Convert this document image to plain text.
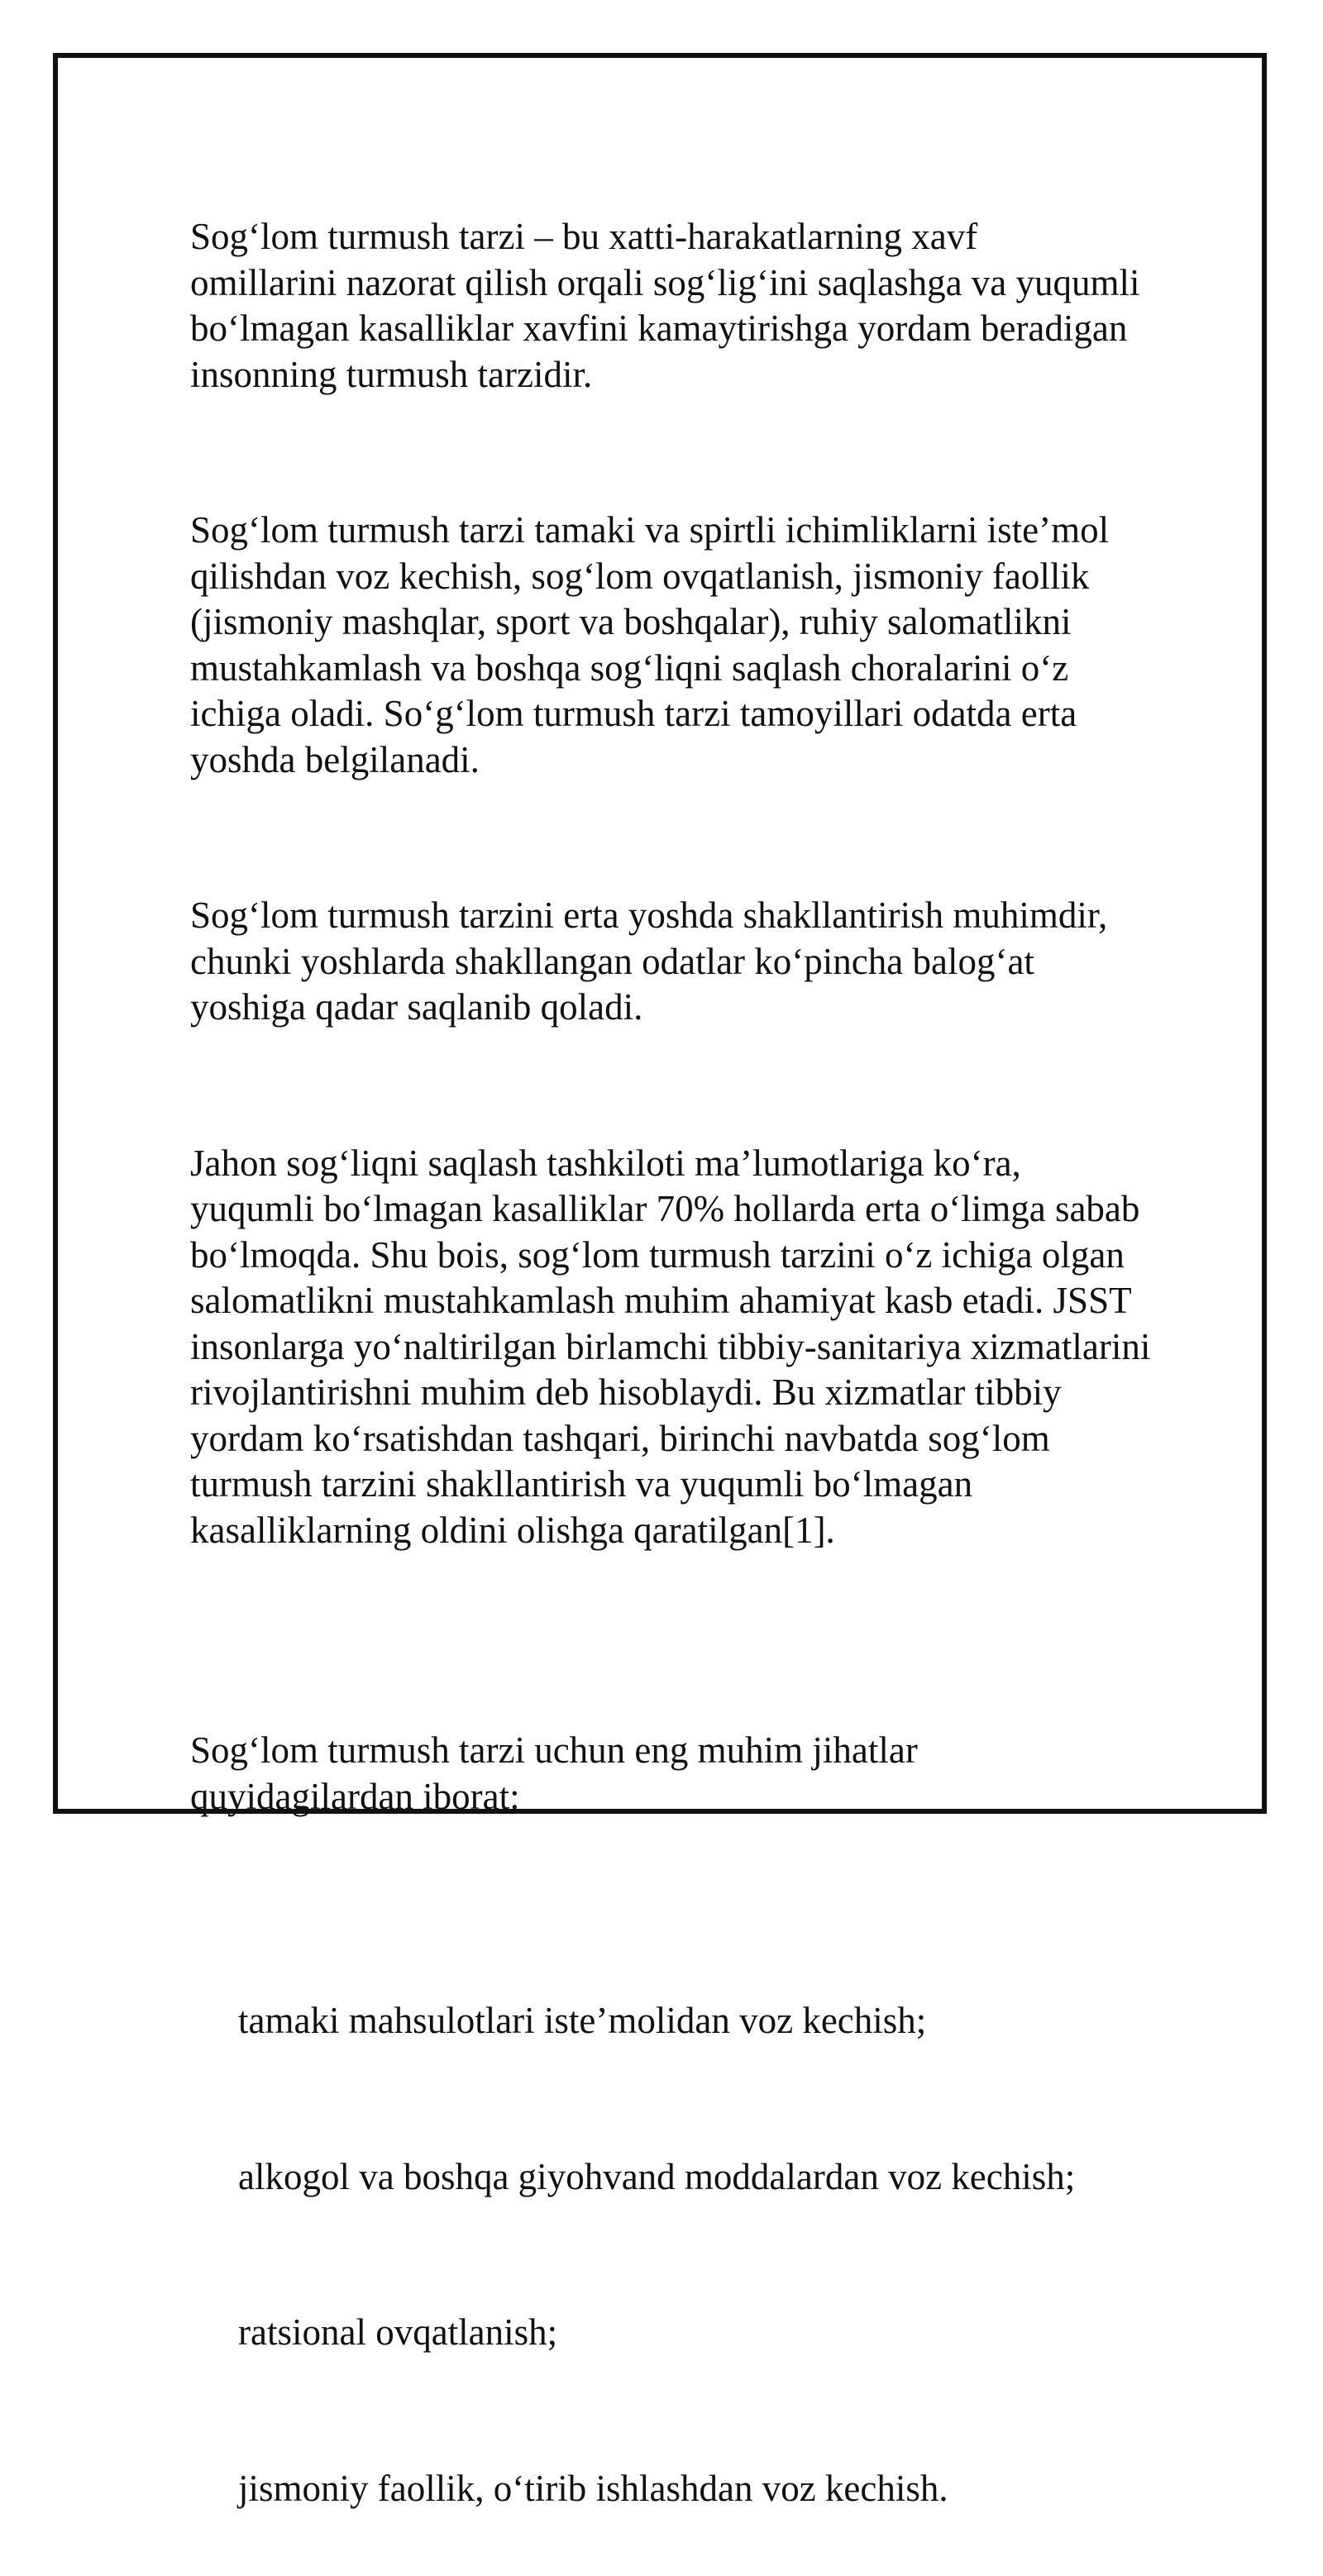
Sog‘lom turmush tarzi – bu xatti-harakatlarning xavf
omillarini nazorat qilish orqali sog‘lig‘ini saqlashga va yuqumli
bo‘lmagan kasalliklar xavfini kamaytirishga yordam beradigan
insonning turmush tarzidir.

Sog‘lom turmush tarzi tamaki va spirtli ichimliklarni iste’mol
qilishdan voz kechish, sog‘lom ovqatlanish, jismoniy faollik
(jismoniy mashqlar, sport va boshqalar), ruhiy salomatlikni
mustahkamlash va boshqa sog‘liqni saqlash choralarini o‘z
ichiga oladi. So‘g‘lom turmush tarzi tamoyillari odatda erta
yoshda belgilanadi.

Sog‘lom turmush tarzini erta yoshda shakllantirish muhimdir,
chunki yoshlarda shakllangan odatlar ko‘pincha balog‘at
yoshiga qadar saqlanib qoladi.

Jahon sog‘liqni saqlash tashkiloti ma’lumotlariga ko‘ra,
yuqumli bo‘lmagan kasalliklar 70% hollarda erta o‘limga sabab
bo‘lmoqda. Shu bois, sog‘lom turmush tarzini o‘z ichiga olgan
salomatlikni mustahkamlash muhim ahamiyat kasb etadi. JSST
insonlarga yo‘naltirilgan birlamchi tibbiy-sanitariya xizmatlarini
rivojlantirishni muhim deb hisoblaydi. Bu xizmatlar tibbiy
yordam ko‘rsatishdan tashqari, birinchi navbatda sog‘lom
turmush tarzini shakllantirish va yuqumli bo‘lmagan
kasalliklarning oldini olishga qaratilgan[1].

Sog‘lom turmush tarzi uchun eng muhim jihatlar
quyidagilardan iborat:

tamaki mahsulotlari iste’molidan voz kechish;

alkogol va boshqa giyohvand moddalardan voz kechish;

ratsional ovqatlanish;

jismoniy faollik, o‘tirib ishlashdan voz kechish.
